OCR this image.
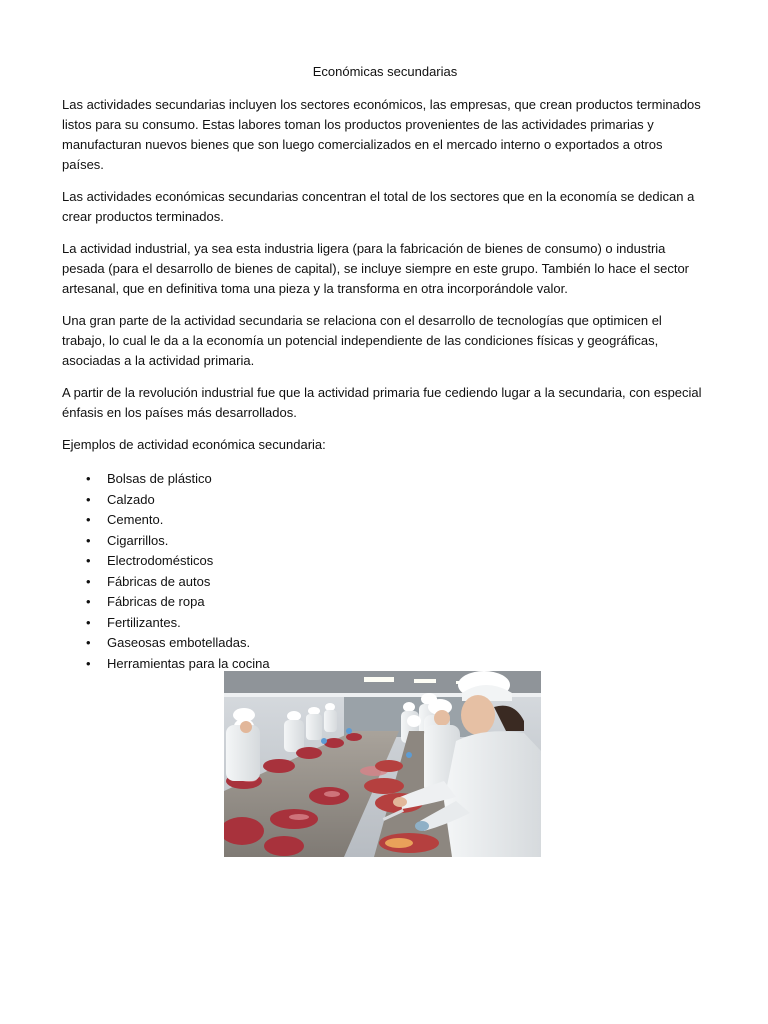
Económicas secundarias

Las actividades secundarias incluyen los sectores económicos, las empresas, que crean productos terminados listos para su consumo. Estas labores toman los productos provenientes de las actividades primarias y manufacturan nuevos bienes que son luego comercializados en el mercado interno o exportados a otros países.

Las actividades económicas secundarias concentran el total de los sectores que en la economía se dedican a crear productos terminados.

La actividad industrial, ya sea esta industria ligera (para la fabricación de bienes de consumo) o industria pesada (para el desarrollo de bienes de capital), se incluye siempre en este grupo. También lo hace el sector artesanal, que en definitiva toma una pieza y la transforma en otra incorporándole valor.

Una gran parte de la actividad secundaria se relaciona con el desarrollo de tecnologías que optimicen el trabajo, lo cual le da a la economía un potencial independiente de las condiciones físicas y geográficas, asociadas a la actividad primaria.

A partir de la revolución industrial fue que la actividad primaria fue cediendo lugar a la secundaria, con especial énfasis en los países más desarrollados.

Ejemplos de actividad económica secundaria:

• Bolsas de plástico
• Calzado
• Cemento.
• Cigarrillos.
• Electrodomésticos
• Fábricas de autos
• Fábricas de ropa
• Fertilizantes.
• Gaseosas embotelladas.
• Herramientas para la cocina
